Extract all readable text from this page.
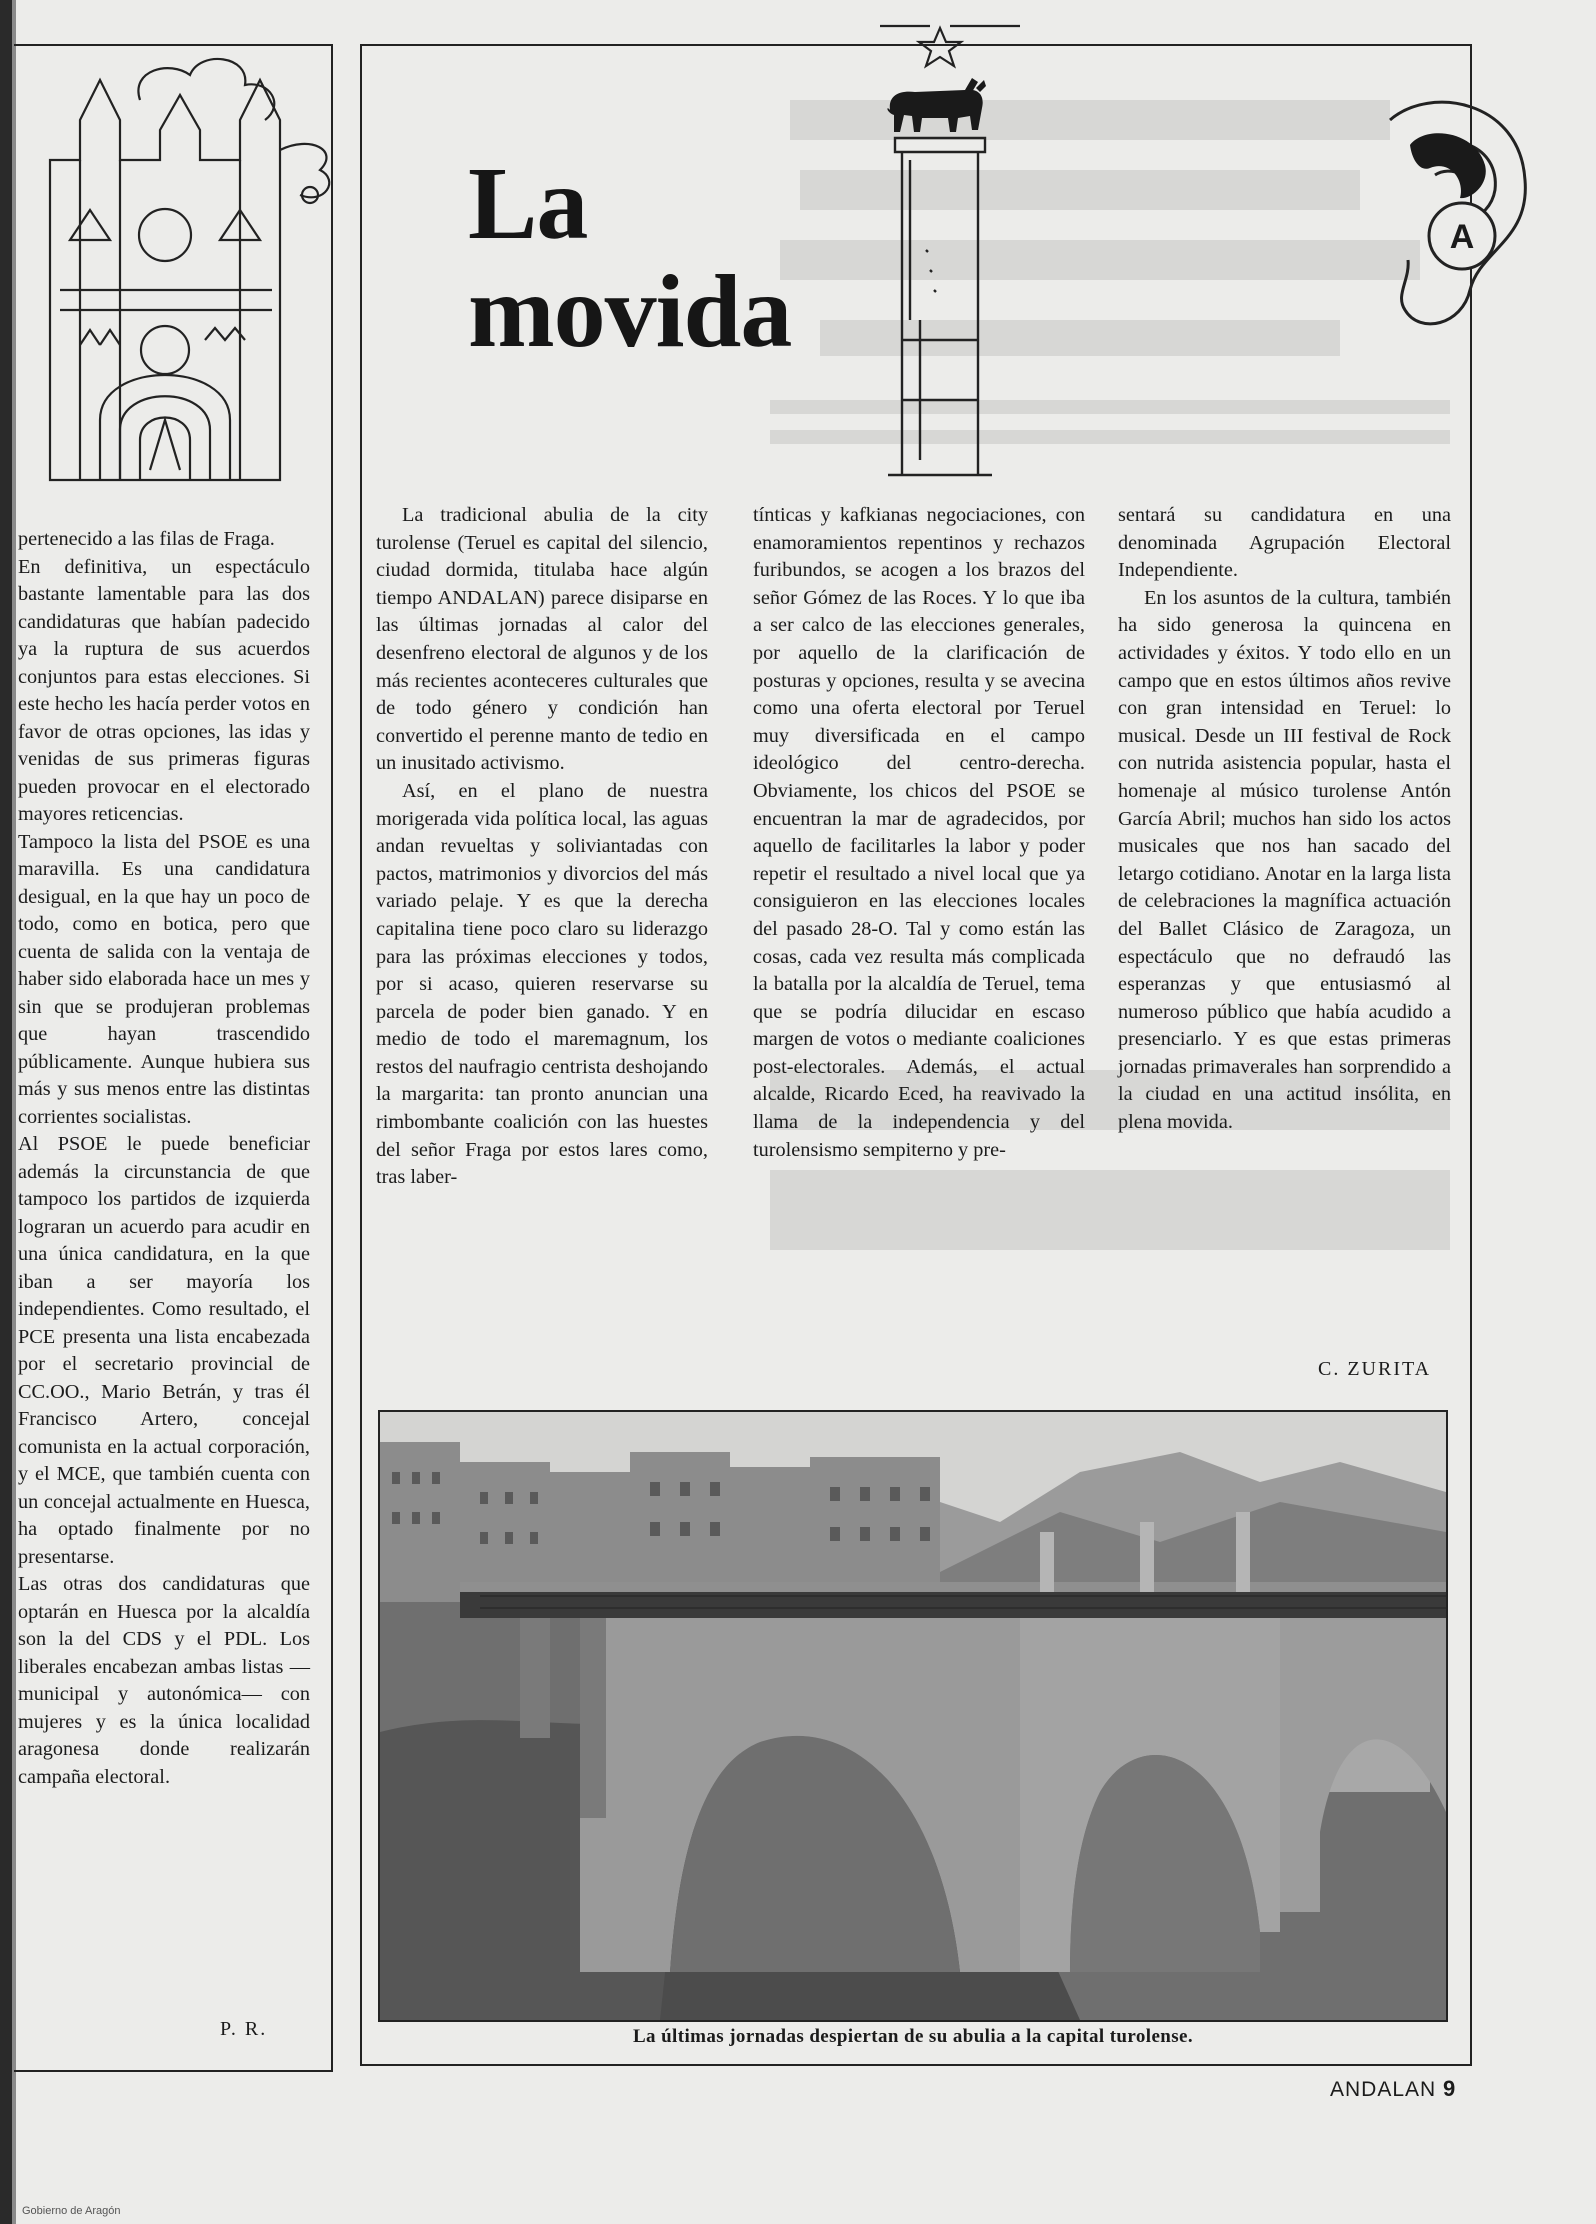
pertenecido a las filas de Fraga.

En definitiva, un espectáculo bastante lamentable para las dos candidaturas que habían padecido ya la ruptura de sus acuerdos conjuntos para estas elecciones. Si este hecho les hacía perder votos en favor de otras opciones, las idas y venidas de sus primeras figuras pueden provocar en el electorado mayores reticencias.

Tampoco la lista del PSOE es una maravilla. Es una candidatura desigual, en la que hay un poco de todo, como en botica, pero que cuenta de salida con la ventaja de haber sido elaborada hace un mes y sin que se produjeran problemas que hayan trascendido públicamente. Aunque hubiera sus más y sus menos entre las distintas corrientes socialistas.

Al PSOE le puede beneficiar además la circunstancia de que tampoco los partidos de izquierda lograran un acuerdo para acudir en una única candidatura, en la que iban a ser mayoría los independientes. Como resultado, el PCE presenta una lista encabezada por el secretario provincial de CC.OO., Mario Betrán, y tras él Francisco Artero, concejal comunista en la actual corporación, y el MCE, que también cuenta con un concejal actualmente en Huesca, ha optado finalmente por no presentarse.

Las otras dos candidaturas que optarán en Huesca por la alcaldía son la del CDS y el PDL. Los liberales encabezan ambas listas —municipal y autonómica— con mujeres y es la única localidad aragonesa donde realizarán campaña electoral.

P. R.
La
movida
A

La tradicional abulia de la city turolense (Teruel es capital del silencio, ciudad dormida, titulaba hace algún tiempo ANDALAN) parece disiparse en las últimas jornadas al calor del desenfreno electoral de algunos y de los más recientes aconteceres culturales que de todo género y condición han convertido el perenne manto de tedio en un inusitado activismo.

Así, en el plano de nuestra morigerada vida política local, las aguas andan revueltas y soliviantadas con pactos, matrimonios y divorcios del más variado pelaje. Y es que la derecha capitalina tiene poco claro su liderazgo para las próximas elecciones y todos, por si acaso, quieren reservarse su parcela de poder bien ganado. Y en medio de todo el maremagnum, los restos del naufragio centrista deshojando la margarita: tan pronto anuncian una rimbombante coalición con las huestes del señor Fraga por estos lares como, tras laber-

tínticas y kafkianas negociaciones, con enamoramientos repentinos y rechazos furibundos, se acogen a los brazos del señor Gómez de las Roces. Y lo que iba a ser calco de las elecciones generales, por aquello de la clarificación de posturas y opciones, resulta y se avecina como una oferta electoral por Teruel muy diversificada en el campo ideológico del centro-derecha. Obviamente, los chicos del PSOE se encuentran la mar de agradecidos, por aquello de facilitarles la labor y poder repetir el resultado a nivel local que ya consiguieron en las elecciones locales del pasado 28-O. Tal y como están las cosas, cada vez resulta más complicada la batalla por la alcaldía de Teruel, tema que se podría dilucidar en escaso margen de votos o mediante coaliciones post-electorales. Además, el actual alcalde, Ricardo Eced, ha reavivado la llama de la independencia y del turolensismo sempiterno y pre-

sentará su candidatura en una denominada Agrupación Electoral Independiente.

En los asuntos de la cultura, también ha sido generosa la quincena en actividades y éxitos. Y todo ello en un campo que en estos últimos años revive con gran intensidad en Teruel: lo musical. Desde un III festival de Rock con nutrida asistencia popular, hasta el homenaje al músico turolense Antón García Abril; muchos han sido los actos musicales que nos han sacado del letargo cotidiano. Anotar en la larga lista de celebraciones la magnífica actuación del Ballet Clásico de Zaragoza, un espectáculo que no defraudó las esperanzas y que entusiasmó al numeroso público que había acudido a presenciarlo. Y es que estas primeras jornadas primaverales han sorprendido a la ciudad en una actitud insólita, en plena movida.

C. ZURITA
La últimas jornadas despiertan de su abulia a la capital turolense.
ANDALAN 9
Gobierno de Aragón
